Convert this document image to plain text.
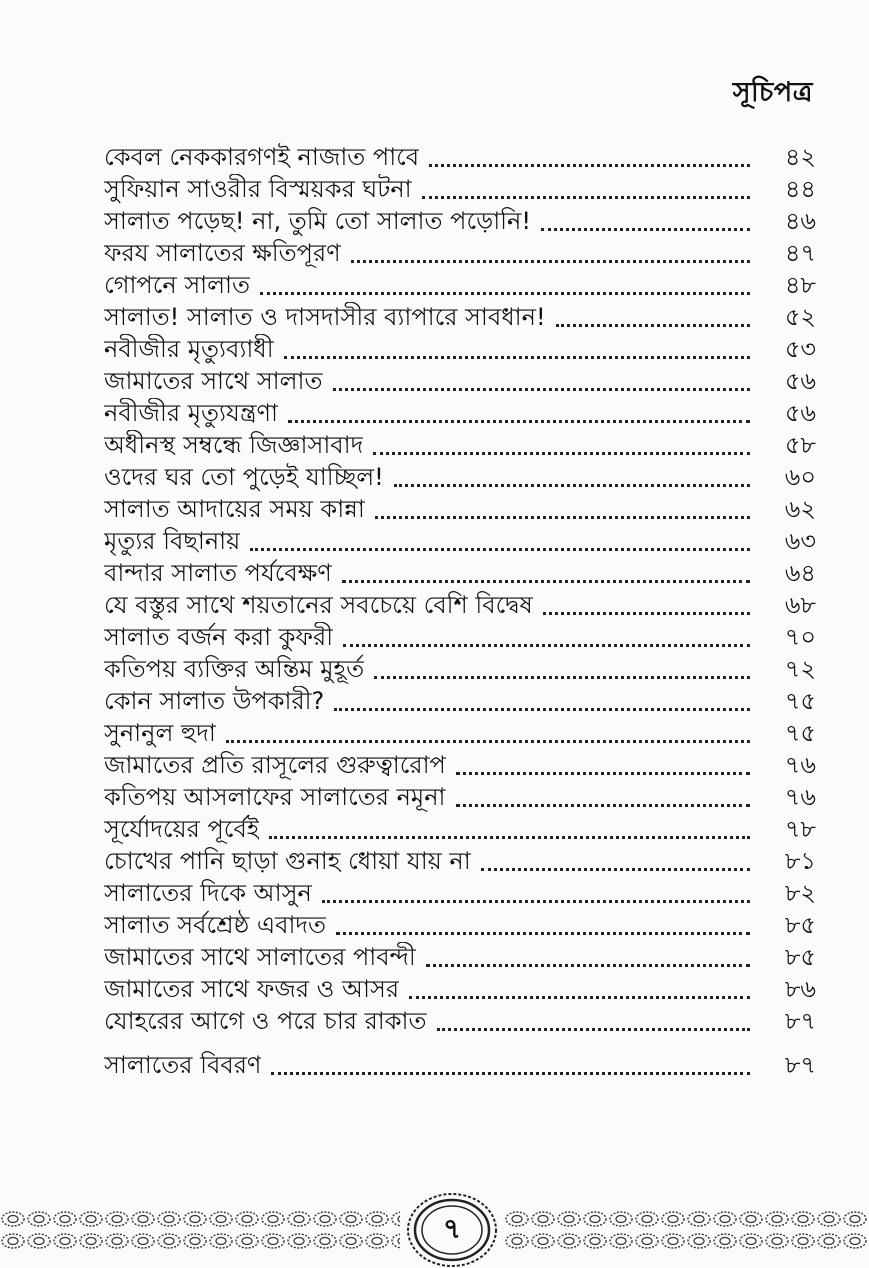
সূচিপত্র
কেবল নেককারগণই নাজাত পাবে	৪২
সুফিয়ান সাওরীর বিস্ময়কর ঘটনা	৪৪
সালাত পড়েছ! না, তুমি তো সালাত পড়োনি!	৪৬
ফরয সালাতের ক্ষতিপূরণ	৪৭
গোপনে সালাত	৪৮
সালাত! সালাত ও দাসদাসীর ব্যাপারে সাবধান!	৫২
নবীজীর মৃত্যুব্যাধী	৫৩
জামাতের সাথে সালাত	৫৬
নবীজীর মৃত্যুযন্ত্রণা	৫৬
অধীনস্থ সম্বন্ধে জিজ্ঞাসাবাদ	৫৮
ওদের ঘর তো পুড়েই যাচ্ছিল!	৬০
সালাত আদায়ের সময় কান্না	৬২
মৃত্যুর বিছানায়	৬৩
বান্দার সালাত পর্যবেক্ষণ	৬৪
যে বস্তুর সাথে শয়তানের সবচেয়ে বেশি বিদ্বেষ	৬৮
সালাত বর্জন করা কুফরী	৭০
কতিপয় ব্যক্তির অন্তিম মুহূর্ত	৭২
কোন সালাত উপকারী?	৭৫
সুনানুল হুদা	৭৫
জামাতের প্রতি রাসূলের গুরুত্বারোপ	৭৬
কতিপয় আসলাফের সালাতের নমূনা	৭৬
সূর্যোদয়ের পূর্বেই	৭৮
চোখের পানি ছাড়া গুনাহ ধোয়া যায় না	৮১
সালাতের দিকে আসুন	৮২
সালাত সর্বশ্রেষ্ঠ এবাদত	৮৫
জামাতের সাথে সালাতের পাবন্দী	৮৫
জামাতের সাথে ফজর ও আসর	৮৬
যোহরের আগে ও পরে চার রাকাত	৮৭
সালাতের বিবরণ	৮৭
৭
